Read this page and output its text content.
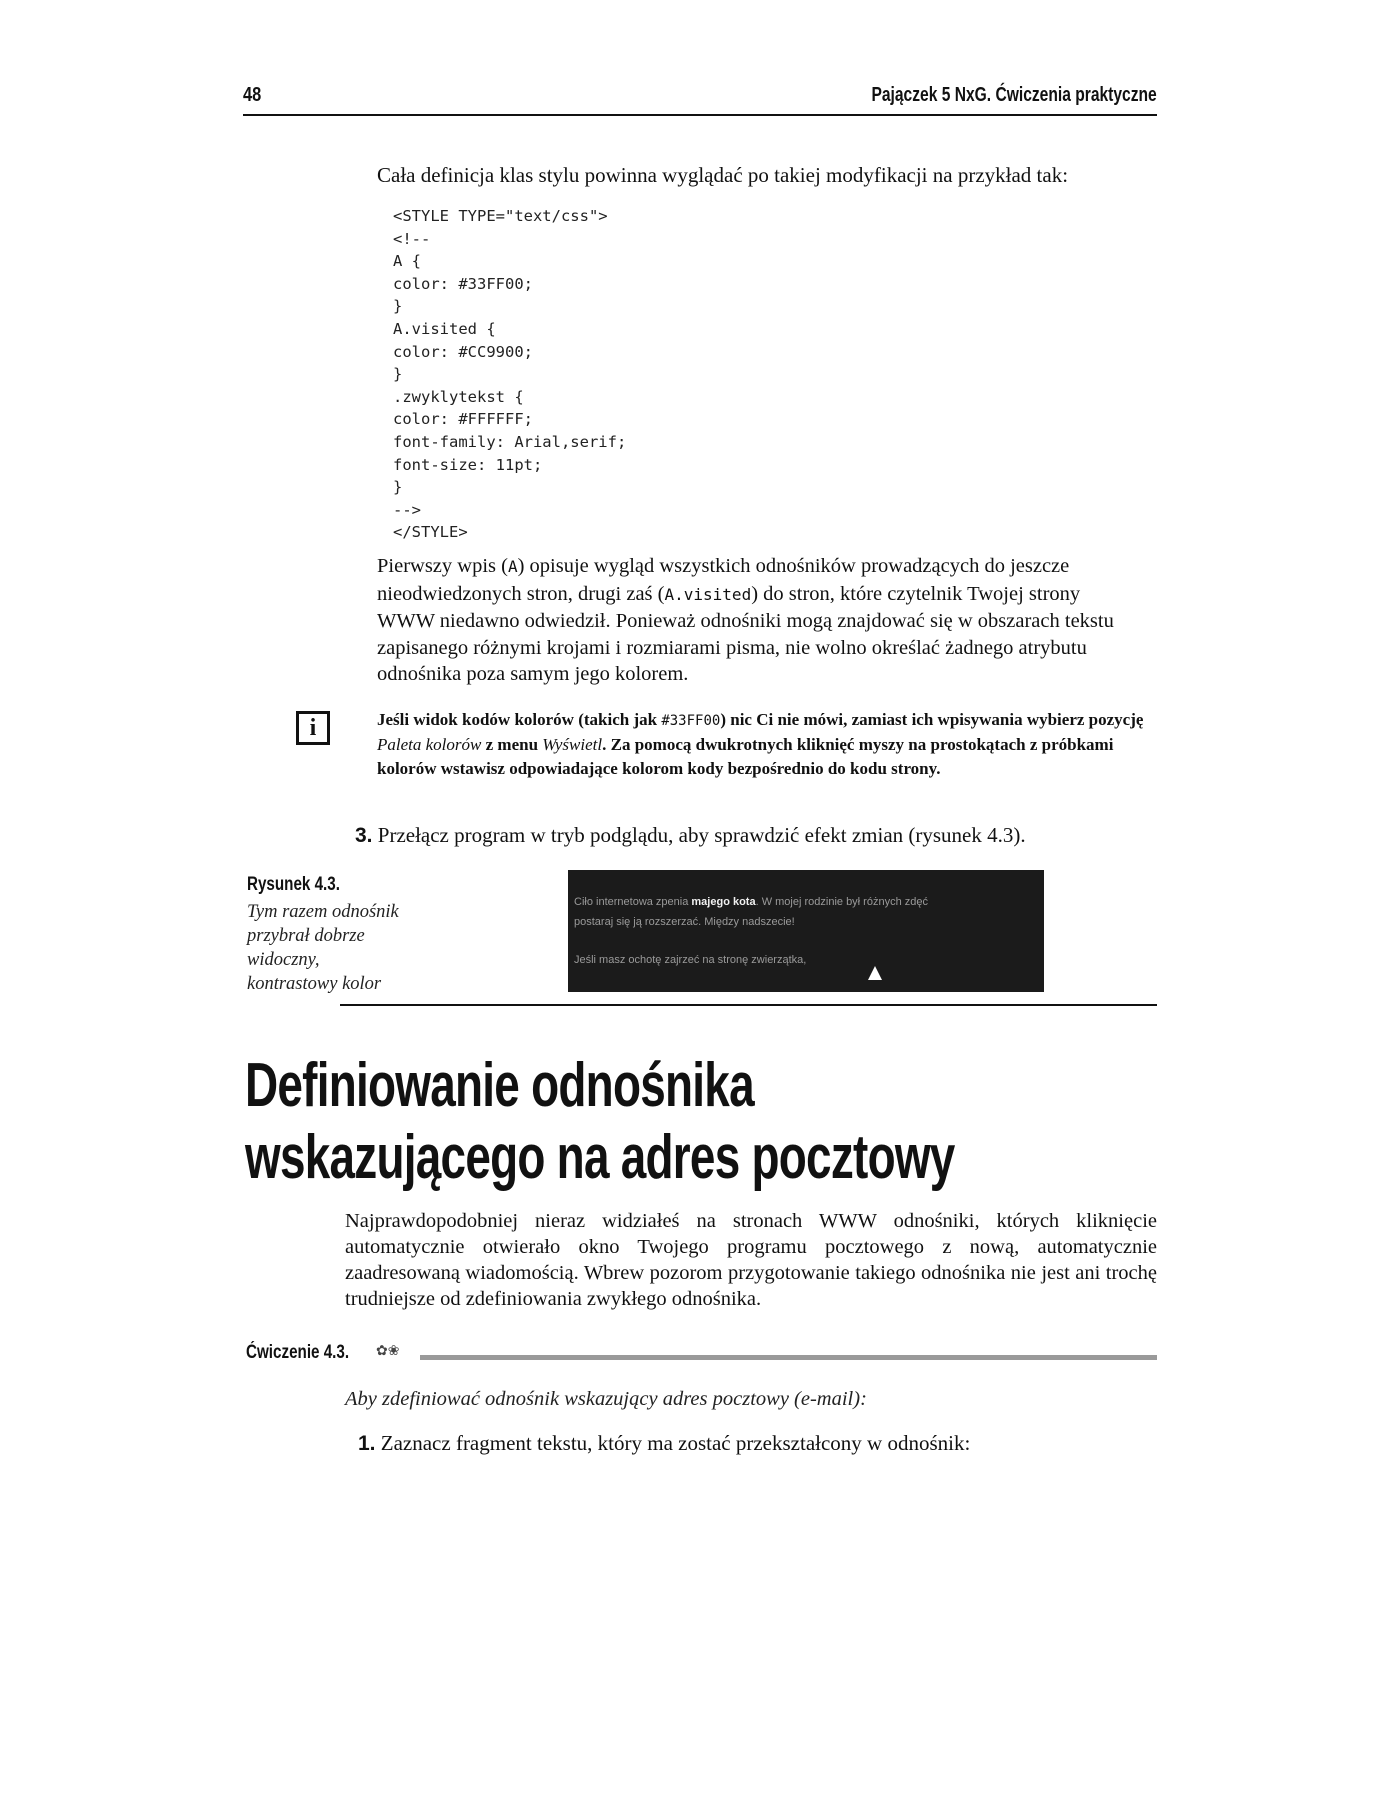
48	Pajączek 5 NxG. Ćwiczenia praktyczne
Cała definicja klas stylu powinna wyglądać po takiej modyfikacji na przykład tak:
<STYLE TYPE="text/css">
<!--
A {
color: #33FF00;
}
A.visited {
color: #CC9900;
}
.zwyklytekst {
color: #FFFFFF;
font-family: Arial,serif;
font-size: 11pt;
}
-->
</STYLE>

Pierwszy wpis (A) opisuje wygląd wszystkich odnośników prowadzących do jeszcze nieodwiedzonych stron, drugi zaś (A.visited) do stron, które czytelnik Twojej strony WWW niedawno odwiedził. Ponieważ odnośniki mogą znajdować się w obszarach tekstu zapisanego różnymi krojami i rozmiarami pisma, nie wolno określać żadnego atrybutu odnośnika poza samym jego kolorem.

i	Jeśli widok kodów kolorów (takich jak #33FF00) nic Ci nie mówi, zamiast ich wpisywania wybierz pozycję Paleta kolorów z menu Wyświetl. Za pomocą dwukrotnych kliknięć myszy na prostokątach z próbkami kolorów wstawisz odpowiadające kolorom kody bezpośrednio do kodu strony.

3. Przełącz program w tryb podglądu, aby sprawdzić efekt zmian (rysunek 4.3).
Rysunek 4.3.

Tym razem odnośnik przybrał dobrze widoczny, kontrastowy kolor

Ciło internetowa zpenia majego kota. W mojej rodzinie był różnych zdęć
postaraj się ją rozszerzać. Między nadszecie!
Jeśli masz ochotę zajrzeć na stronę zwierzątka,
Definiowanie odnośnika
wskazującego na adres pocztowy

Najprawdopodobniej nieraz widziałeś na stronach WWW odnośniki, których kliknięcie automatycznie otwierało okno Twojego programu pocztowego z nową, automatycznie zaadresowaną wiadomością. Wbrew pozorom przygotowanie takiego odnośnika nie jest ani trochę trudniejsze od zdefiniowania zwykłego odnośnika.

Ćwiczenie 4.3. ✿❀
Aby zdefiniować odnośnik wskazujący adres pocztowy (e-mail):
1. Zaznacz fragment tekstu, który ma zostać przekształcony w odnośnik:
